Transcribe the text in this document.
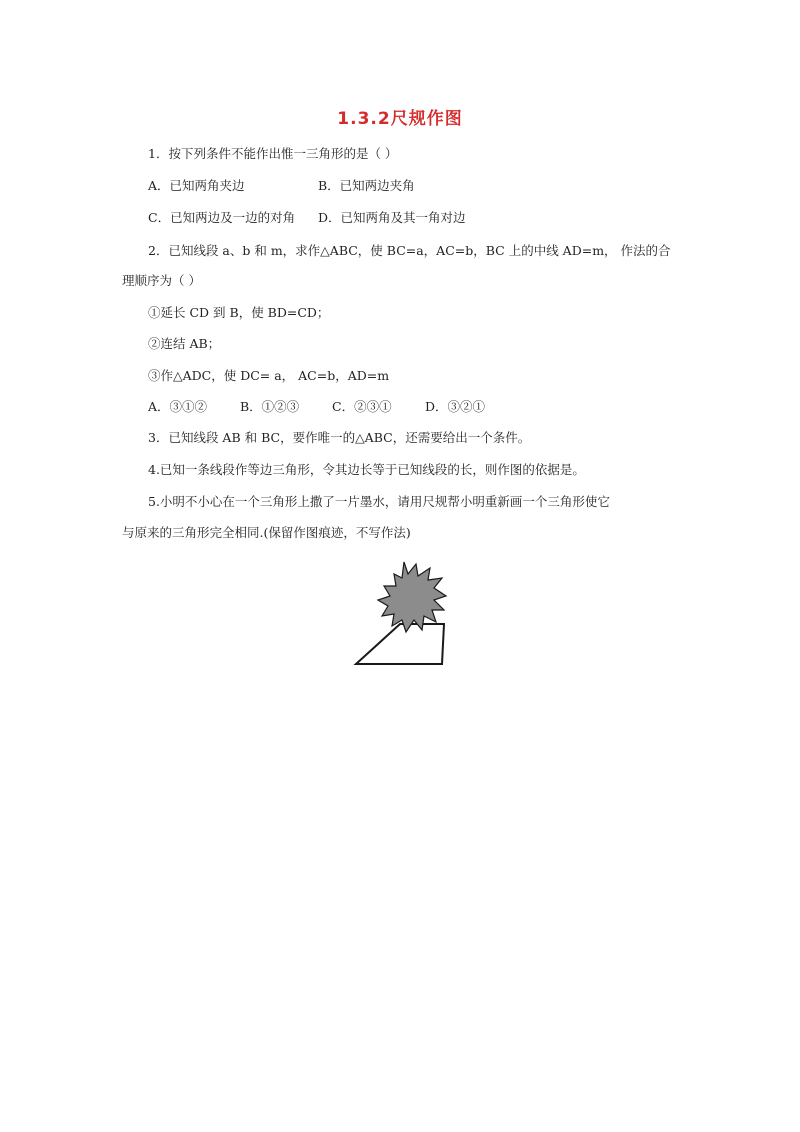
1.3.2尺规作图
1．按下列条件不能作出惟一三角形的是（ ）
A．已知两角夹边	B．已知两边夹角
C．已知两边及一边的对角 D．已知两角及其一角对边
2．已知线段 a、b 和 m，求作△ABC，使 BC=a，AC=b，BC 上的中线 AD=m， 作法的合
理顺序为（ ）
①延长 CD 到 B，使 BD=CD；
②连结 AB；
③作△ADC，使 DC= a， AC=b，AD=m
A．③①②	B．①②③	C．②③①	D．③②①
3．已知线段 AB 和 BC，要作唯一的△ABC，还需要给出一个条件。
4.已知一条线段作等边三角形，令其边长等于已知线段的长，则作图的依据是。
5.小明不小心在一个三角形上撒了一片墨水，请用尺规帮小明重新画一个三角形使它
与原来的三角形完全相同.(保留作图痕迹，不写作法)
